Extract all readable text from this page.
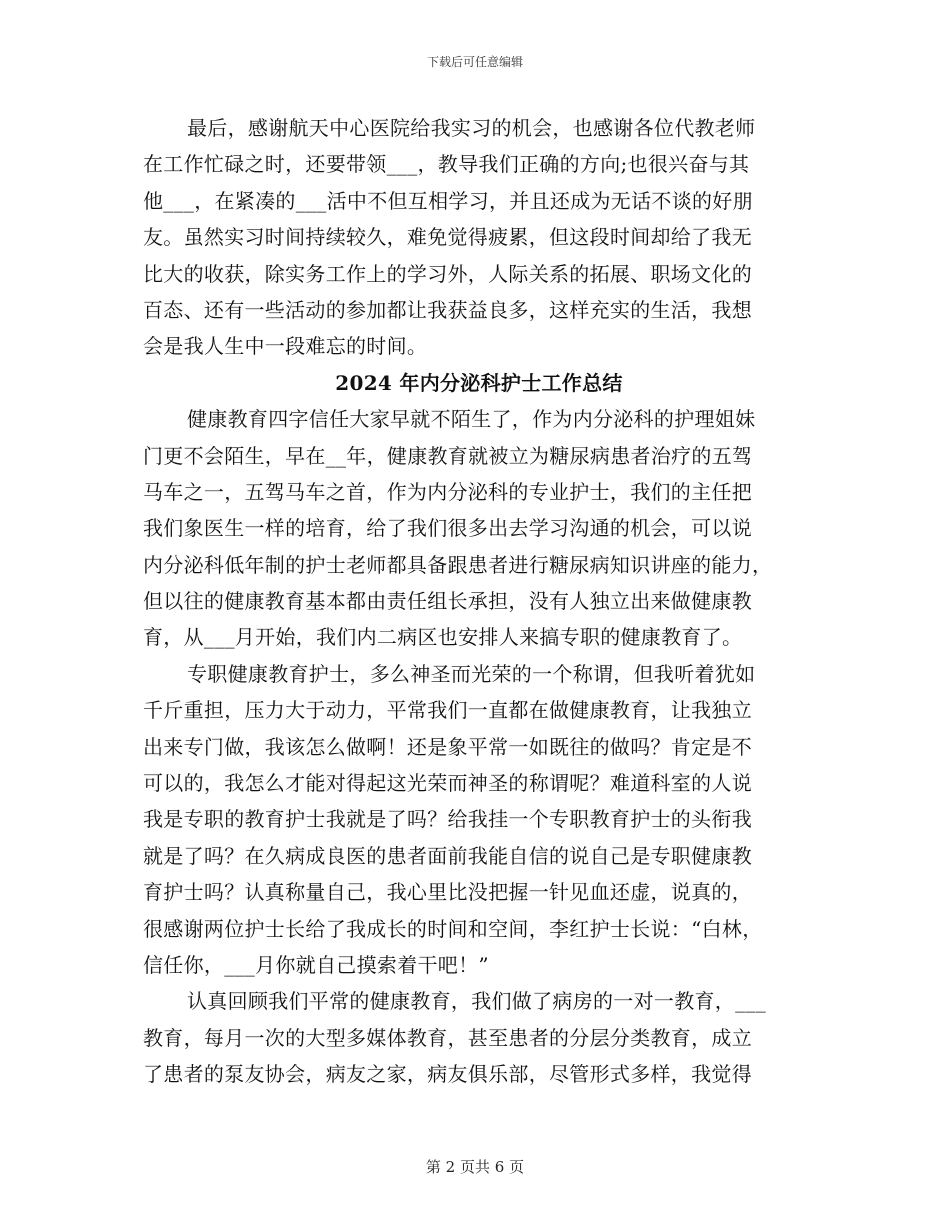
下载后可任意编辑
最后，感谢航天中心医院给我实习的机会，也感谢各位代教老师
在工作忙碌之时，还要带领___，教导我们正确的方向;也很兴奋与其
他___，在紧凑的___活中不但互相学习，并且还成为无话不谈的好朋
友。虽然实习时间持续较久，难免觉得疲累，但这段时间却给了我无
比大的收获，除实务工作上的学习外，人际关系的拓展、职场文化的
百态、还有一些活动的参加都让我获益良多，这样充实的生活，我想
会是我人生中一段难忘的时间。
2024 年内分泌科护士工作总结
健康教育四字信任大家早就不陌生了，作为内分泌科的护理姐妹
门更不会陌生，早在__年，健康教育就被立为糖尿病患者治疗的五驾
马车之一，五驾马车之首，作为内分泌科的专业护士，我们的主任把
我们象医生一样的培育，给了我们很多出去学习沟通的机会，可以说
内分泌科低年制的护士老师都具备跟患者进行糖尿病知识讲座的能力，
但以往的健康教育基本都由责任组长承担，没有人独立出来做健康教
育，从___月开始，我们内二病区也安排人来搞专职的健康教育了。
专职健康教育护士，多么神圣而光荣的一个称谓，但我听着犹如
千斤重担，压力大于动力，平常我们一直都在做健康教育，让我独立
出来专门做，我该怎么做啊！还是象平常一如既往的做吗？肯定是不
可以的，我怎么才能对得起这光荣而神圣的称谓呢？难道科室的人说
我是专职的教育护士我就是了吗？给我挂一个专职教育护士的头衔我
就是了吗？在久病成良医的患者面前我能自信的说自己是专职健康教
育护士吗？认真称量自己，我心里比没把握一针见血还虚，说真的，
很感谢两位护士长给了我成长的时间和空间，李红护士长说：“白林，
信任你，___月你就自己摸索着干吧！”
认真回顾我们平常的健康教育，我们做了病房的一对一教育，___
教育，每月一次的大型多媒体教育，甚至患者的分层分类教育，成立
了患者的泵友协会，病友之家，病友俱乐部，尽管形式多样，我觉得
第 2 页共 6 页
